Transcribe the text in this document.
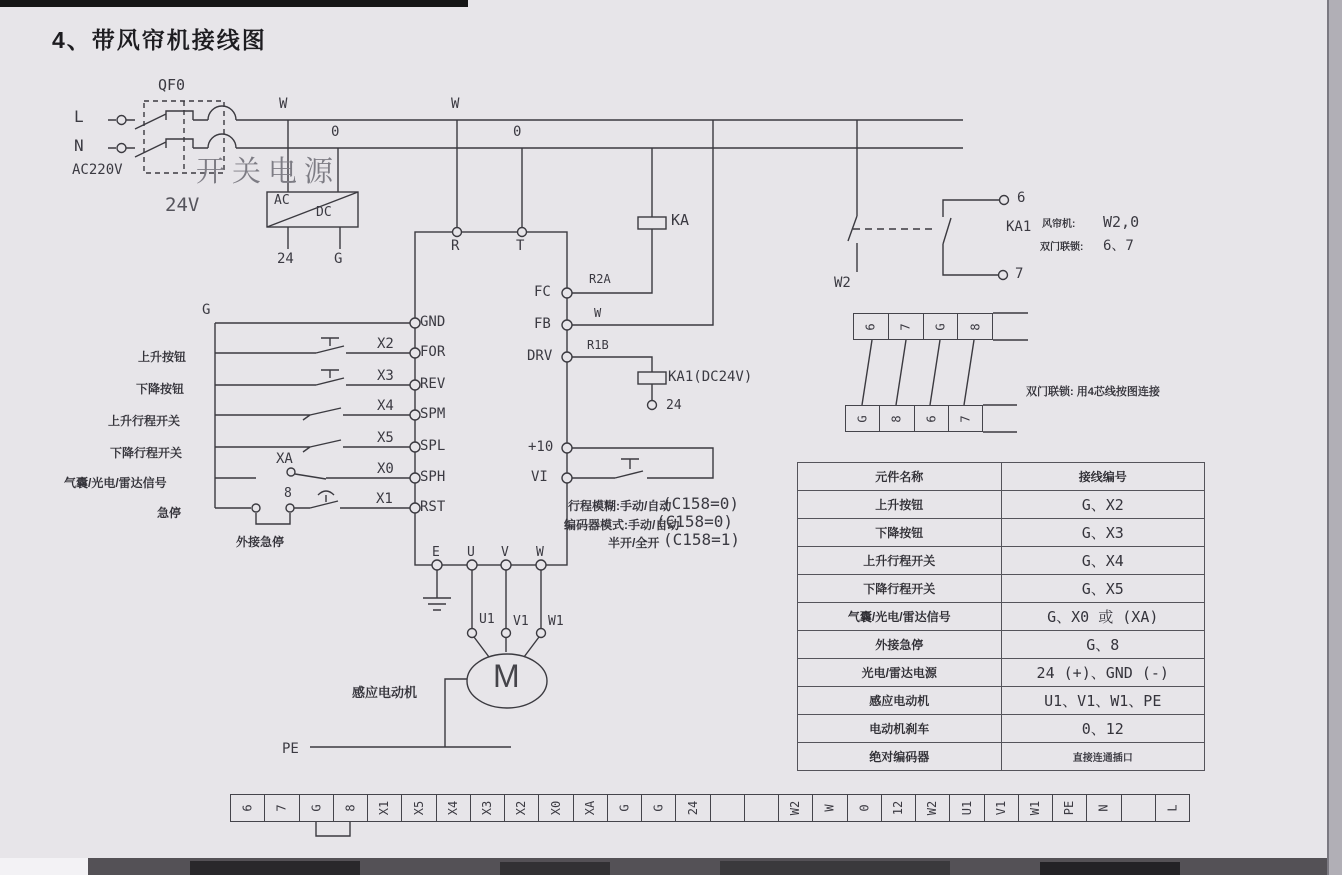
4、带风帘机接线图
L
N
AC220V
QF0
开关电源
24V
W
0
W
0
AC
DC
24	G
R	T
G
GND
FOR
REV
SPM
SPL
SPH
RST
FC
FB
DRV
+10
VI
E U V W
X2
X3
X4
X5
XA
X0
8	X1
上升按钮
下降按钮
上升行程开关
下降行程开关
气囊/光电/雷达信号
急停
外接急停
R2A
W
R1B
KA
KA1(DC24V)
24
行程模糊:手动/自动
(C158=0)
编码器模式:手动/自动
(C158=0)
半开/全开 (C158=1)
感应电动机 M
U1 V1 W1
PE
W2
KA1
6
7
风帘机: W2,0
双门联锁: 6、7
双门联锁: 用4芯线按图连接
元件名称	接线编号
上升按钮	G、X2
下降按钮	G、X3
上升行程开关	G、X4
下降行程开关	G、X5
气囊/光电/雷达信号	G、X0 或 (XA)
外接急停	G、8
光电/雷达电源	24 (+)、GND (-)
感应电动机	U1、V1、W1、PE
电动机刹车	0、12
绝对编码器	直接连通插口
6 7 G 8
G 8 6 7
6 7 G 8 X1 X5 X4 X3 X2 X0 XA G G 24	W2 W 0 12 W2 U1 V1 W1 PE N	L
